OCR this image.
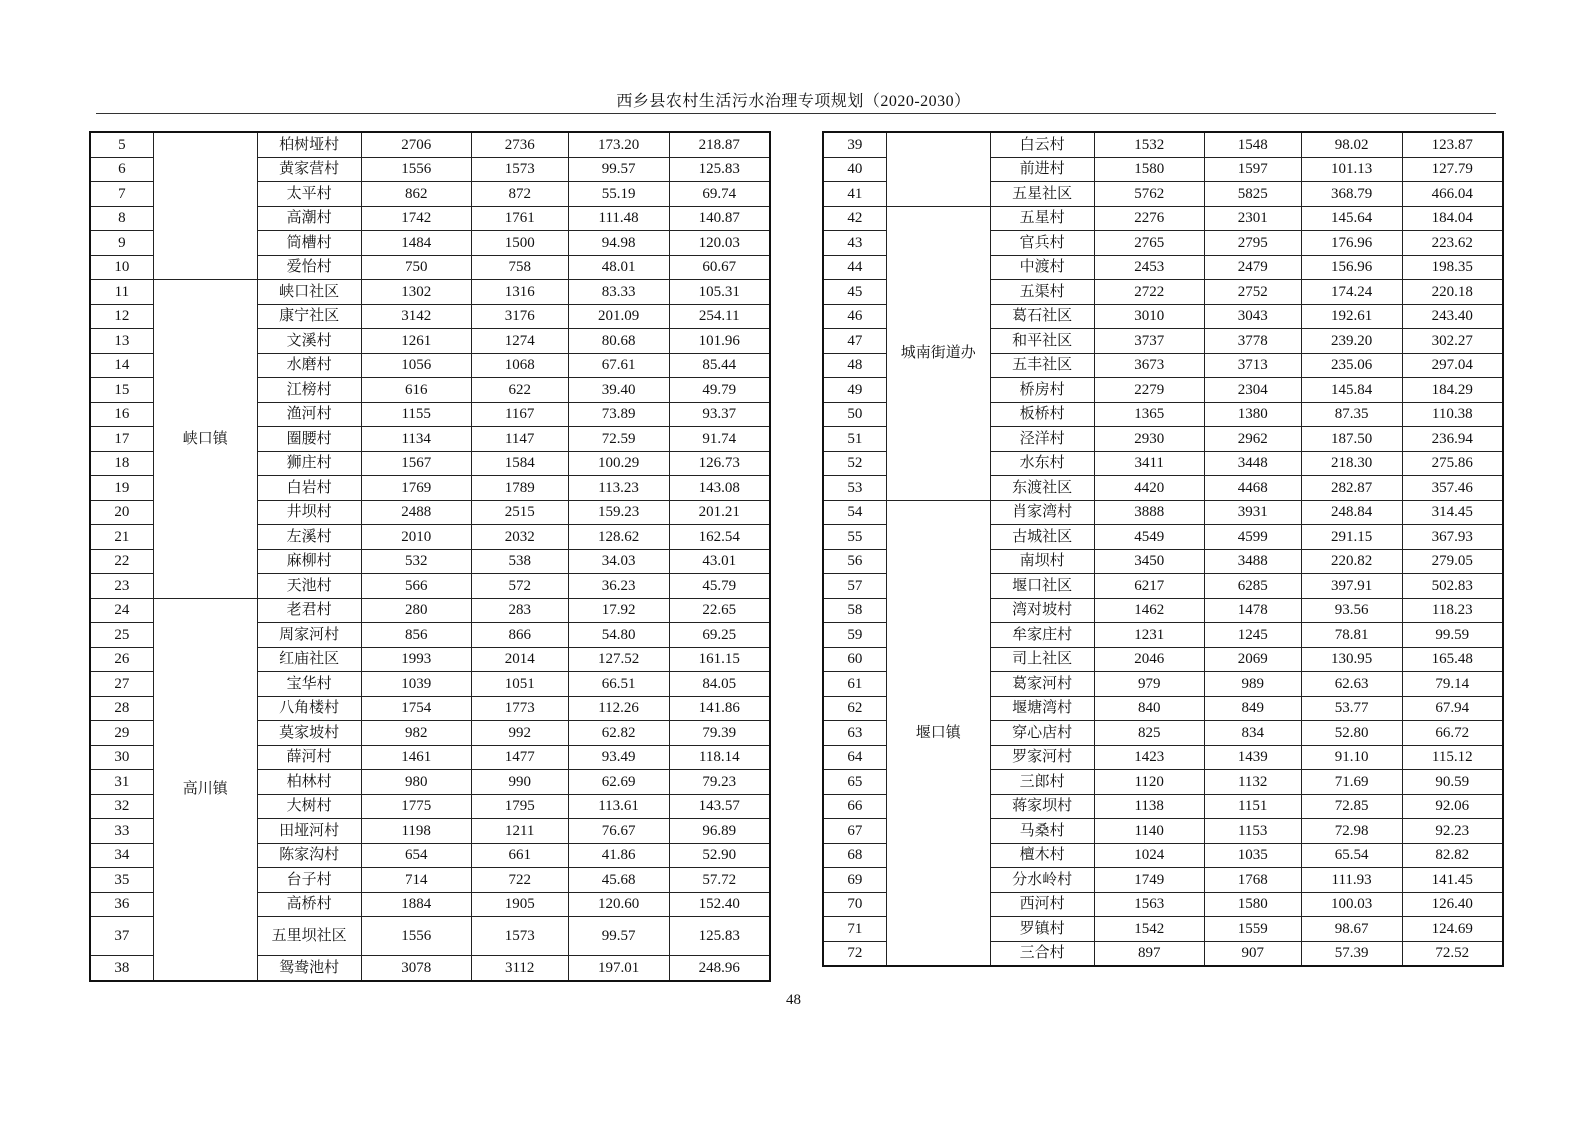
西乡县农村生活污水治理专项规划（2020-2030）
5		柏树垭村	2706	2736	173.20	218.87
6		黄家营村	1556	1573	99.57	125.83
7		太平村	862	872	55.19	69.74
8		高潮村	1742	1761	111.48	140.87
9		筒槽村	1484	1500	94.98	120.03
10		爱怡村	750	758	48.01	60.67
11	峡口镇	峡口社区	1302	1316	83.33	105.31
12		康宁社区	3142	3176	201.09	254.11
13		文溪村	1261	1274	80.68	101.96
14		水磨村	1056	1068	67.61	85.44
15		江榜村	616	622	39.40	49.79
16		渔河村	1155	1167	73.89	93.37
17		圈腰村	1134	1147	72.59	91.74
18		狮庄村	1567	1584	100.29	126.73
19		白岩村	1769	1789	113.23	143.08
20		井坝村	2488	2515	159.23	201.21
21		左溪村	2010	2032	128.62	162.54
22		麻柳村	532	538	34.03	43.01
23		天池村	566	572	36.23	45.79
24	高川镇	老君村	280	283	17.92	22.65
25		周家河村	856	866	54.80	69.25
26		红庙社区	1993	2014	127.52	161.15
27		宝华村	1039	1051	66.51	84.05
28		八角楼村	1754	1773	112.26	141.86
29		莫家坡村	982	992	62.82	79.39
30		薛河村	1461	1477	93.49	118.14
31		柏林村	980	990	62.69	79.23
32		大树村	1775	1795	113.61	143.57
33		田垭河村	1198	1211	76.67	96.89
34		陈家沟村	654	661	41.86	52.90
35		台子村	714	722	45.68	57.72
36		高桥村	1884	1905	120.60	152.40
37		五里坝社区	1556	1573	99.57	125.83
38		鸳鸯池村	3078	3112	197.01	248.96
39		白云村	1532	1548	98.02	123.87
40		前进村	1580	1597	101.13	127.79
41		五星社区	5762	5825	368.79	466.04
42	城南街道办	五星村	2276	2301	145.64	184.04
43		官兵村	2765	2795	176.96	223.62
44		中渡村	2453	2479	156.96	198.35
45		五渠村	2722	2752	174.24	220.18
46		葛石社区	3010	3043	192.61	243.40
47		和平社区	3737	3778	239.20	302.27
48		五丰社区	3673	3713	235.06	297.04
49		桥房村	2279	2304	145.84	184.29
50		板桥村	1365	1380	87.35	110.38
51		泾洋村	2930	2962	187.50	236.94
52		水东村	3411	3448	218.30	275.86
53		东渡社区	4420	4468	282.87	357.46
54	堰口镇	肖家湾村	3888	3931	248.84	314.45
55		古城社区	4549	4599	291.15	367.93
56		南坝村	3450	3488	220.82	279.05
57		堰口社区	6217	6285	397.91	502.83
58		湾对坡村	1462	1478	93.56	118.23
59		牟家庄村	1231	1245	78.81	99.59
60		司上社区	2046	2069	130.95	165.48
61		葛家河村	979	989	62.63	79.14
62		堰塘湾村	840	849	53.77	67.94
63		穿心店村	825	834	52.80	66.72
64		罗家河村	1423	1439	91.10	115.12
65		三郎村	1120	1132	71.69	90.59
66		蒋家坝村	1138	1151	72.85	92.06
67		马桑村	1140	1153	72.98	92.23
68		檀木村	1024	1035	65.54	82.82
69		分水岭村	1749	1768	111.93	141.45
70		西河村	1563	1580	100.03	126.40
71		罗镇村	1542	1559	98.67	124.69
72		三合村	897	907	57.39	72.52
48
